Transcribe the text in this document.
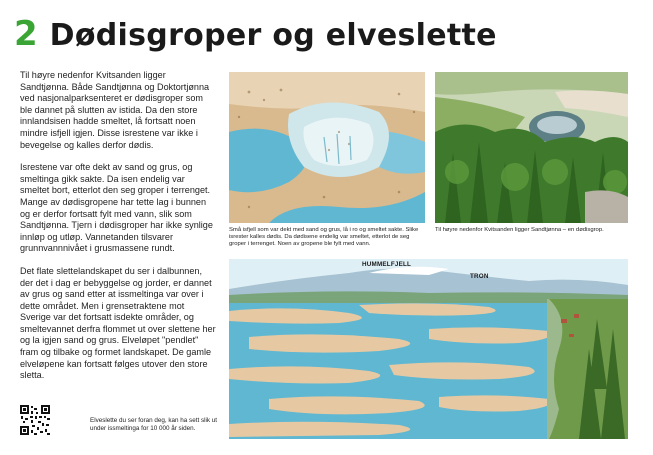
2 Dødisgroper og elveslette

Til høyre nedenfor Kvitsanden ligger Sandtjønna. Både Sandtjønna og Doktortjønna ved nasjonalparksenteret er dødisgroper som ble dannet på slutten av istida. Da den store innlandsisen hadde smeltet, lå fortsatt noen mindre isfjell igjen. Disse isrestene var ikke i bevegelse og kalles derfor dødis.

Isrestene var ofte dekt av sand og grus, og smeltinga gikk sakte. Da isen endelig var smeltet bort, etterlot den seg groper i terrenget. Mange av dødisgropene har tette lag i bunnen og er derfor fortsatt fylt med vann, slik som Sandtjønna. Tjern i dødisgroper har ikke synlige innløp og utløp. Vannetanden tilsvarer grunnvannnivået i grusmassene rundt.

Det flate slettelandskapet du ser i dalbunnen, der det i dag er bebyggelse og jorder, er dannet av grus og sand etter at issmeltinga var over i dette området. Men i grensetraktene mot Sverige var det fortsatt isdekte områder, og smeltevannet derfra flommet ut over slettene her og la igjen sand og grus. Elveløpet "pendlet" fram og tilbake og formet landskapet. De gamle elveløpene kan fortsatt følges utover den store sletta.

Elveslette du ser foran deg, kan ha sett slik ut under issmeltinga for 10 000 år siden.
Små isfjell som var dekt med sand og grus, lå i ro og smeltet sakte. Slike isrester kalles dødis. Da dødisene endelig var smeltet, etterlot de seg groper i terrenget. Noen av gropene ble fylt med vann.
Til høyre nedenfor Kvitsanden ligger Sandtjønna – en dødisgrop.
HUMMELFJELL
TRON
